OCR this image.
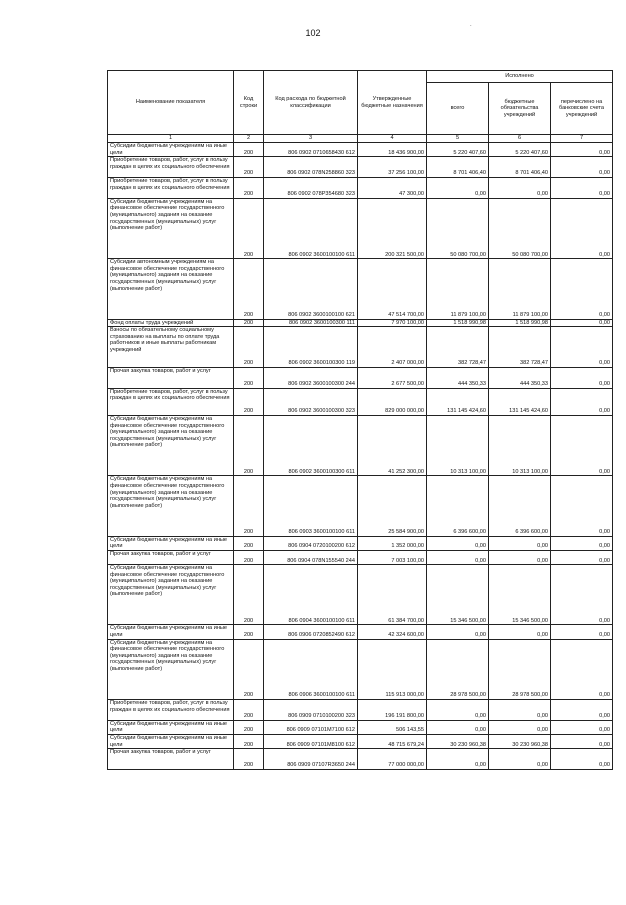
102
.
Наименование показателя	Код строки	Код расхода по бюджетной классификации	Утвержденные бюджетные назначения	Исполнено		
				всего	бюджетные обязательства учреждений	перечислено на банковские счета учреждений
1	2	3	4	5	6	7
Субсидии бюджетным учреждениям на иные цели	200	806 0902 0710658430 612	18 436 900,00	5 220 407,60	5 220 407,60	0,00
Приобретение товаров, работ, услуг в пользу граждан в целях их социального обеспечения	200	806 0902 078N258860 323	37 256 100,00	8 701 406,40	8 701 406,40	0,00
Приобретение товаров, работ, услуг в пользу граждан в целях их социального обеспечения	200	806 0902 078P354680 323	47 300,00	0,00	0,00	0,00
Субсидии бюджетным учреждениям на финансовое обеспечение государственного (муниципального) задания на оказание государственных (муниципальных) услуг (выполнение работ)	200	806 0902 3600100100 611	200 321 500,00	50 080 700,00	50 080 700,00	0,00
Субсидии автономным учреждениям на финансовое обеспечение государственного (муниципального) задания на оказание государственных (муниципальных) услуг (выполнение работ)	200	806 0902 3600100100 621	47 514 700,00	11 879 100,00	11 879 100,00	0,00
Фонд оплаты труда учреждений	200	806 0902 3600100300 111	7 970 100,00	1 518 990,98	1 518 990,98	0,00
Взносы по обязательному социальному страхованию на выплаты по оплате труда работников и иные выплаты работникам учреждений	200	806 0902 3600100300 119	2 407 000,00	382 728,47	382 728,47	0,00
Прочая закупка товаров, работ и услуг	200	806 0902 3600100300 244	2 677 500,00	444 350,33	444 350,33	0,00
Приобретение товаров, работ, услуг в пользу граждан в целях их социального обеспечения	200	806 0902 3600100300 323	829 000 000,00	131 145 424,60	131 145 424,60	0,00
Субсидии бюджетным учреждениям на финансовое обеспечение государственного (муниципального) задания на оказание государственных (муниципальных) услуг (выполнение работ)	200	806 0902 3600100300 611	41 252 300,00	10 313 100,00	10 313 100,00	0,00
Субсидии бюджетным учреждениям на финансовое обеспечение государственного (муниципального) задания на оказание государственных (муниципальных) услуг (выполнение работ)	200	806 0903 3600100100 611	25 584 900,00	6 396 600,00	6 396 600,00	0,00
Субсидии бюджетным учреждениям на иные цели	200	806 0904 0720100200 612	1 352 000,00	0,00	0,00	0,00
Прочая закупка товаров, работ и услуг	200	806 0904 078N155540 244	7 003 100,00	0,00	0,00	0,00
Субсидии бюджетным учреждениям на финансовое обеспечение государственного (муниципального) задания на оказание государственных (муниципальных) услуг (выполнение работ)	200	806 0904 3600100100 611	61 384 700,00	15 346 500,00	15 346 500,00	0,00
Субсидии бюджетным учреждениям на иные цели	200	806 0906 0720852490 612	42 324 600,00	0,00	0,00	0,00
Субсидии бюджетным учреждениям на финансовое обеспечение государственного (муниципального) задания на оказание государственных (муниципальных) услуг (выполнение работ)	200	806 0906 3600100100 611	115 913 000,00	28 978 500,00	28 978 500,00	0,00
Приобретение товаров, работ, услуг в пользу граждан в целях их социального обеспечения	200	806 0909 0710100200 323	196 191 800,00	0,00	0,00	0,00
Субсидии бюджетным учреждениям на иные цели	200	806 0909 07101M7100 612	506 143,55	0,00	0,00	0,00
Субсидии бюджетным учреждениям на иные цели	200	806 0909 07101M8100 612	48 715 679,24	30 230 960,38	30 230 960,38	0,00
Прочая закупка товаров, работ и услуг	200	806 0909 07107R3650 244	77 000 000,00	0,00	0,00	0,00
